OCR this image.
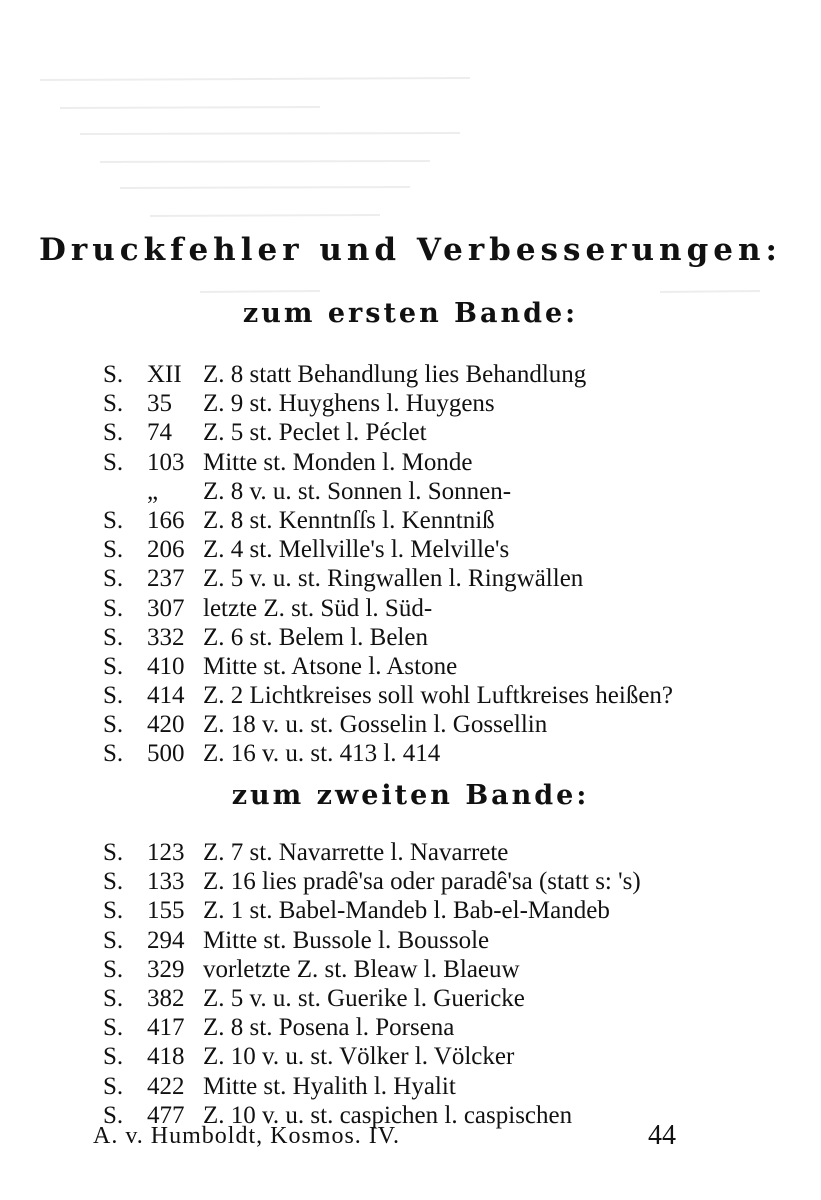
Druckfehler und Verbesserungen:
zum ersten Bande:
S. XII Z. 8 statt Behandlung lies Behandlung
S. 35 Z. 9 st. Huyghens l. Huygens
S. 74 Z. 5 st. Peclet l. Péclet
S. 103 Mitte st. Monden l. Monde
„ Z. 8 v. u. st. Sonnen l. Sonnen-
S. 166 Z. 8 st. Kenntnſſs l. Kenntniß
S. 206 Z. 4 st. Mellville's l. Melville's
S. 237 Z. 5 v. u. st. Ringwallen l. Ringwällen
S. 307 letzte Z. st. Süd l. Süd-
S. 332 Z. 6 st. Belem l. Belen
S. 410 Mitte st. Atsone l. Astone
S. 414 Z. 2 Lichtkreises soll wohl Luftkreises heißen?
S. 420 Z. 18 v. u. st. Gosselin l. Gossellin
S. 500 Z. 16 v. u. st. 413 l. 414
zum zweiten Bande:
S. 123 Z. 7 st. Navarrette l. Navarrete
S. 133 Z. 16 lies pradê'sa oder paradê'sa (statt s: 's)
S. 155 Z. 1 st. Babel-Mandeb l. Bab-el-Mandeb
S. 294 Mitte st. Bussole l. Boussole
S. 329 vorletzte Z. st. Bleaw l. Blaeuw
S. 382 Z. 5 v. u. st. Guerike l. Guericke
S. 417 Z. 8 st. Posena l. Porsena
S. 418 Z. 10 v. u. st. Völker l. Völcker
S. 422 Mitte st. Hyalith l. Hyalit
S. 477 Z. 10 v. u. st. caspichen l. caspischen
A. v. Humboldt, Kosmos. IV.	44
